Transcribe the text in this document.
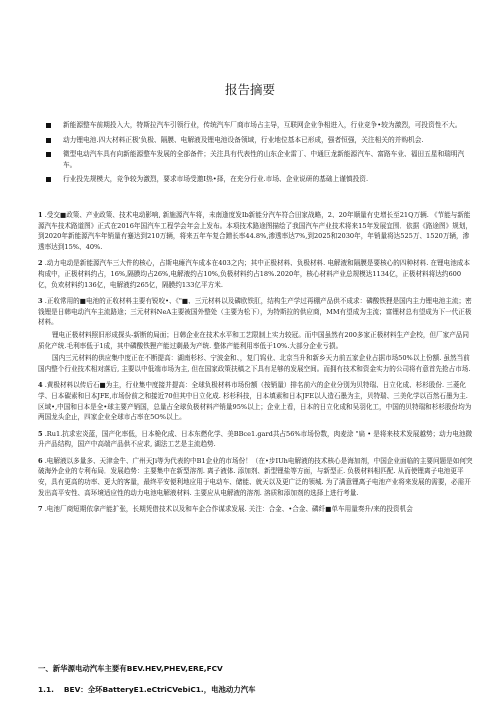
报告摘要
新能源整车前期投入大，特斯拉汽车引领行业，传统汽车厂商市场占主导，互联网企业争相进入，行业竞争•较为激烈，可投资性不大。
动力锂电池.四大材料正极'负极、隔膜、电解液及锂电池设备领域，行业地位基本已形成，强者恒强，关注相关的并购机会.
微型电动汽车具有向新能源整车发展的全部备件；关注具有代表性的山东企业雷丁、中通巨龙新能源汽车、富路车业、福田五星和瑞明汽车。
行业投先规模大，竞争较为激烈，要求市场受邀I热•择，在充分行业.市场、企业说研的基础上谨慎投资.

1 .受交■政策、产业政策、技术电动影响, 新施源汽车将，未南逢度发Ib新能分汽车符合田家战略，2、20年顺量有史增长至21Q万辆. 《节能与新能源汽车技术路道图》正式在2016年国汽车工程学会年会上发布。本项技术路途图描绘了我国汽车产业技术将来15年发展宜围．依据《路途图》规划，到2020年新能源汽车年销量有蹇达到210万辆，将来五年车复合蹭长率44.8%,渗透率达7%,到2025和2030年，年销量将达525万、1520万辆，渗透率达到15%、40%.

2 .动力电动是新能源汽车三大件的核心，占斯电瘫汽车成本在403之内；其中正极材料、负极材料. 电解液和隔膜是要核心的四种材料. 在锂电池成本构成中，正极材料约占，16%,隔膜均占26%,电解液约占10%,负极材料约占18%.2020年，核心材料产业总规模达1134亿，正极材料将达约600亿，负欢材料约136亿，电解液约265亿，隔膜约133亿平方米.

3 .正收常用的■电池的正收材料主要有锐咬•、《"■、三元材料以及磷欧铁肛，结构生产学过再棚产品供不成求：磷酸铁狸是国内主力锂电池主流；密钱锂是日韩电动汽车主流路途；三元材料NeA主要被国外整处（主要为松下），为特斯拉的供应商，MM有望成为主流；富锂材总有望成为下一代正极材料。

锂电正极材料照旧形成探头-新断的局面；日韩企业在技术水平和工艺限制上实力较冠。而中国虽然有200多家正极材料生产企校，但厂家产品同质化产统.毛利率低于1成，其中磷酸铁狸产能过剩最为产统. 整体产能利用率低于10%.大部分企业亏损。

国内三元材料的供应集中度正在不断提高：湖南杉杉、宁波金和、，复门钨业、北京当升和新乡天力前五家企业占据市场50%以上份额. 虽然当前国内整个行业技术相对落后, 主要以中低端市场为主, 但在国家政策扶稿之下具有足够的发展空间。而拥有技术和资金实力的公司将有意首先抢占市场.

4 .黄极材料以传后石■为主，行业集中度接并提高：全球负极材料市场份额（按销量）排名前六的企业分别为贝特瑞、日立化成、杉杉股份. 三菱化学、日本碳素和日本JFE,市场份前之和接近70但其中日立化成. 杉杉科技，日本填素和日本JFE以人造石墨为主，贝特瑞、三美化学以百然石墨为主.区域•,中国和日本是全•球主要产销国，总量占全球负极材料产销量95%以上；企业上看，日本的日立化成和吴羽化工，中国的贝特瑞和杉杉股份均为两国龙头企止，四家企业全球市占率在5O%以上。

5 .Ru1.抗求宏炎蓝，国产化率低，日本桅化成、日本东燃化学、美BBce1.gard共占56%市场份数，肉麦涂 "扁 • 是将来枝术发展越势；动力电池微升产品结构，国产中高端产品供不应求, 湖法工艺是主流趋势.

6 .电解液以多量多、天津金牛、广州天Ji等为代表的中B1企业的市场份！（在•步IUh电解液的技术核心是海加剂，中国企业面临的主要问题是如何突破海外企业的专利布局．发展趋势：主要集中在新型溶剂. 离子液体. 添加剂、新型锂盐等方面，与新型正. 负极材料相匹配. 从而使锂离子电池更平安，具有更高的功率、更大的客量，最终平安便利地应用于电动车、储能、就天以及更广泛的领城. 为了满意锂离子电池产业将来发展的需要，必需开发出高平安性、高环境适应性的动力电池电解液材料. 主要应从电解液的溶剂. 溶质和添加剂的选择上进行考量.

7 .电池厂商短期依拿产能扩张，长期凭借技术以及和车企合作谋求发展. 关注：合金、•合金、磷纤■单车用量奏升/来的投资机会

一、新华源电动汽车主要有BEV.HEV,PHEV,ERE,FCV
1.1. BEV：全环BatteryE1.eCtriCVebiC1.，电池动力汽车
